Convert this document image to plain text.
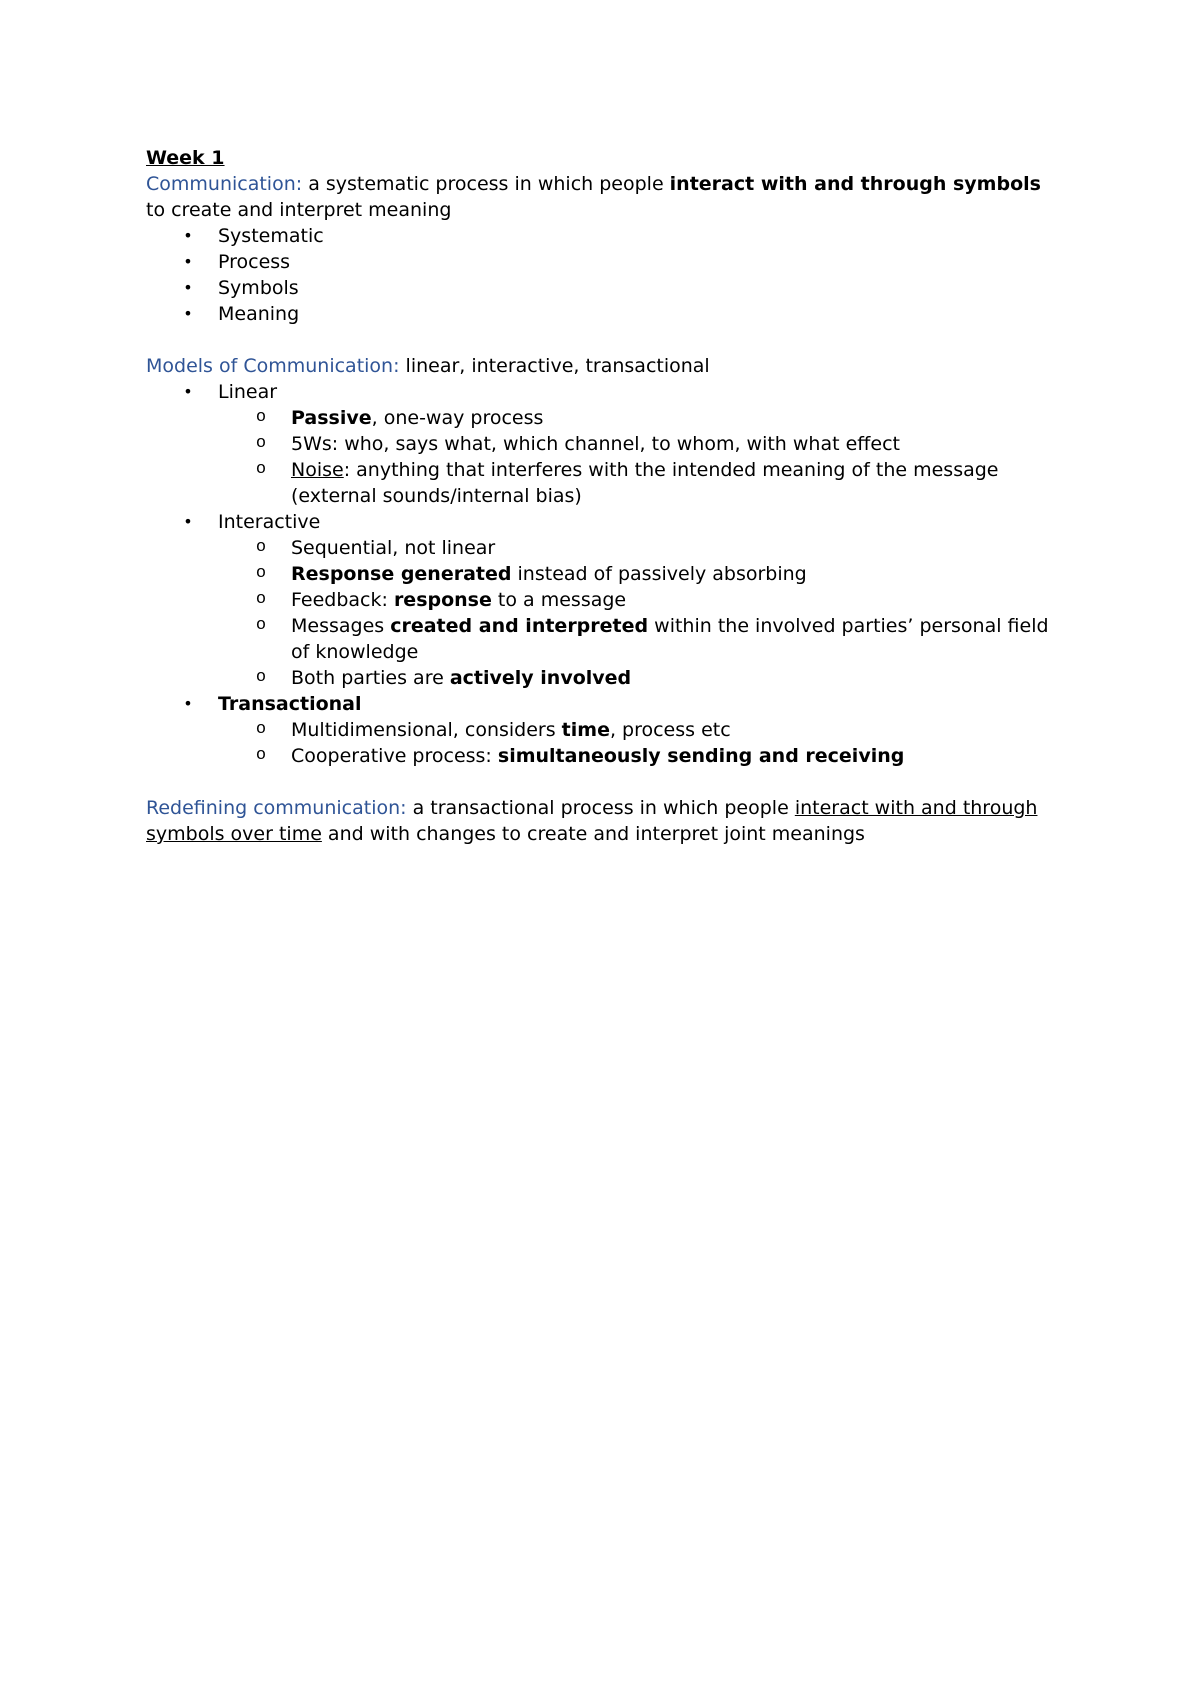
Week 1

Communication: a systematic process in which people interact with and through symbols to create and interpret meaning

• Systematic
• Process
• Symbols
• Meaning

Models of Communication: linear, interactive, transactional

• Linear
o Passive, one-way process
o 5Ws: who, says what, which channel, to whom, with what effect
o Noise: anything that interferes with the intended meaning of the message (external sounds/internal bias)
• Interactive
o Sequential, not linear
o Response generated instead of passively absorbing
o Feedback: response to a message
o Messages created and interpreted within the involved parties’ personal field of knowledge
o Both parties are actively involved
• Transactional
o Multidimensional, considers time, process etc
o Cooperative process: simultaneously sending and receiving

Redefining communication: a transactional process in which people interact with and through symbols over time and with changes to create and interpret joint meanings
